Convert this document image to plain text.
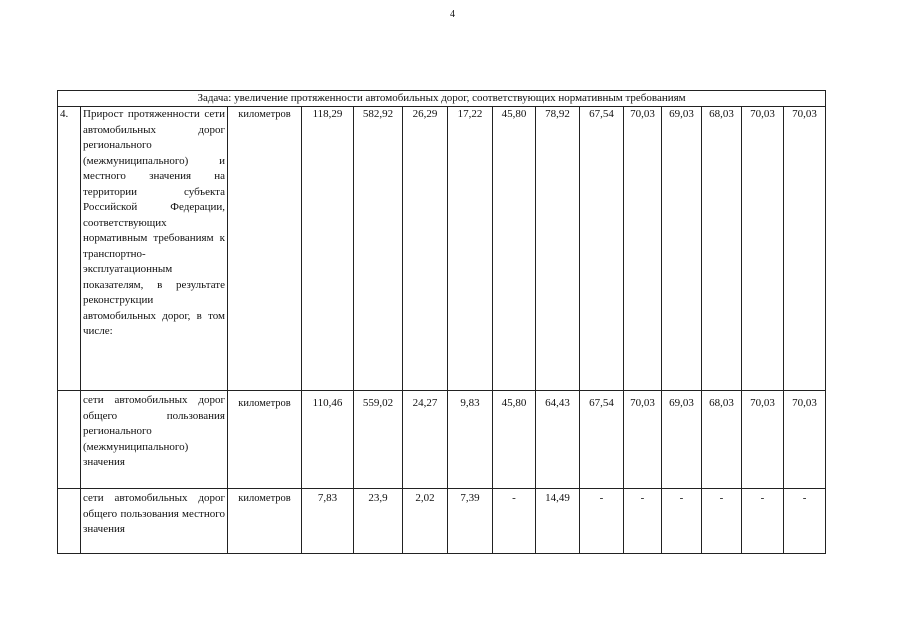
4
Задача: увеличение протяженности автомобильных дорог, соответствующих нормативным требованиям														
4.	Прирост протяженности сети автомобильных дорог регионального (межмуниципального) и местного значения на территории субъекта Российской Федерации, соответствующих нормативным требованиям к транспортно-эксплуатационным показателям, в результате реконструкции автомобильных дорог, в том числе:	километров	118,29	582,92	26,29	17,22	45,80	78,92	67,54	70,03	69,03	68,03	70,03	70,03
	сети автомобильных дорог общего пользования регионального (межмуниципального) значения	километров	110,46	559,02	24,27	9,83	45,80	64,43	67,54	70,03	69,03	68,03	70,03	70,03
	сети автомобильных дорог общего пользования местного значения	километров	7,83	23,9	2,02	7,39	-	14,49	-	-	-	-	-	-
